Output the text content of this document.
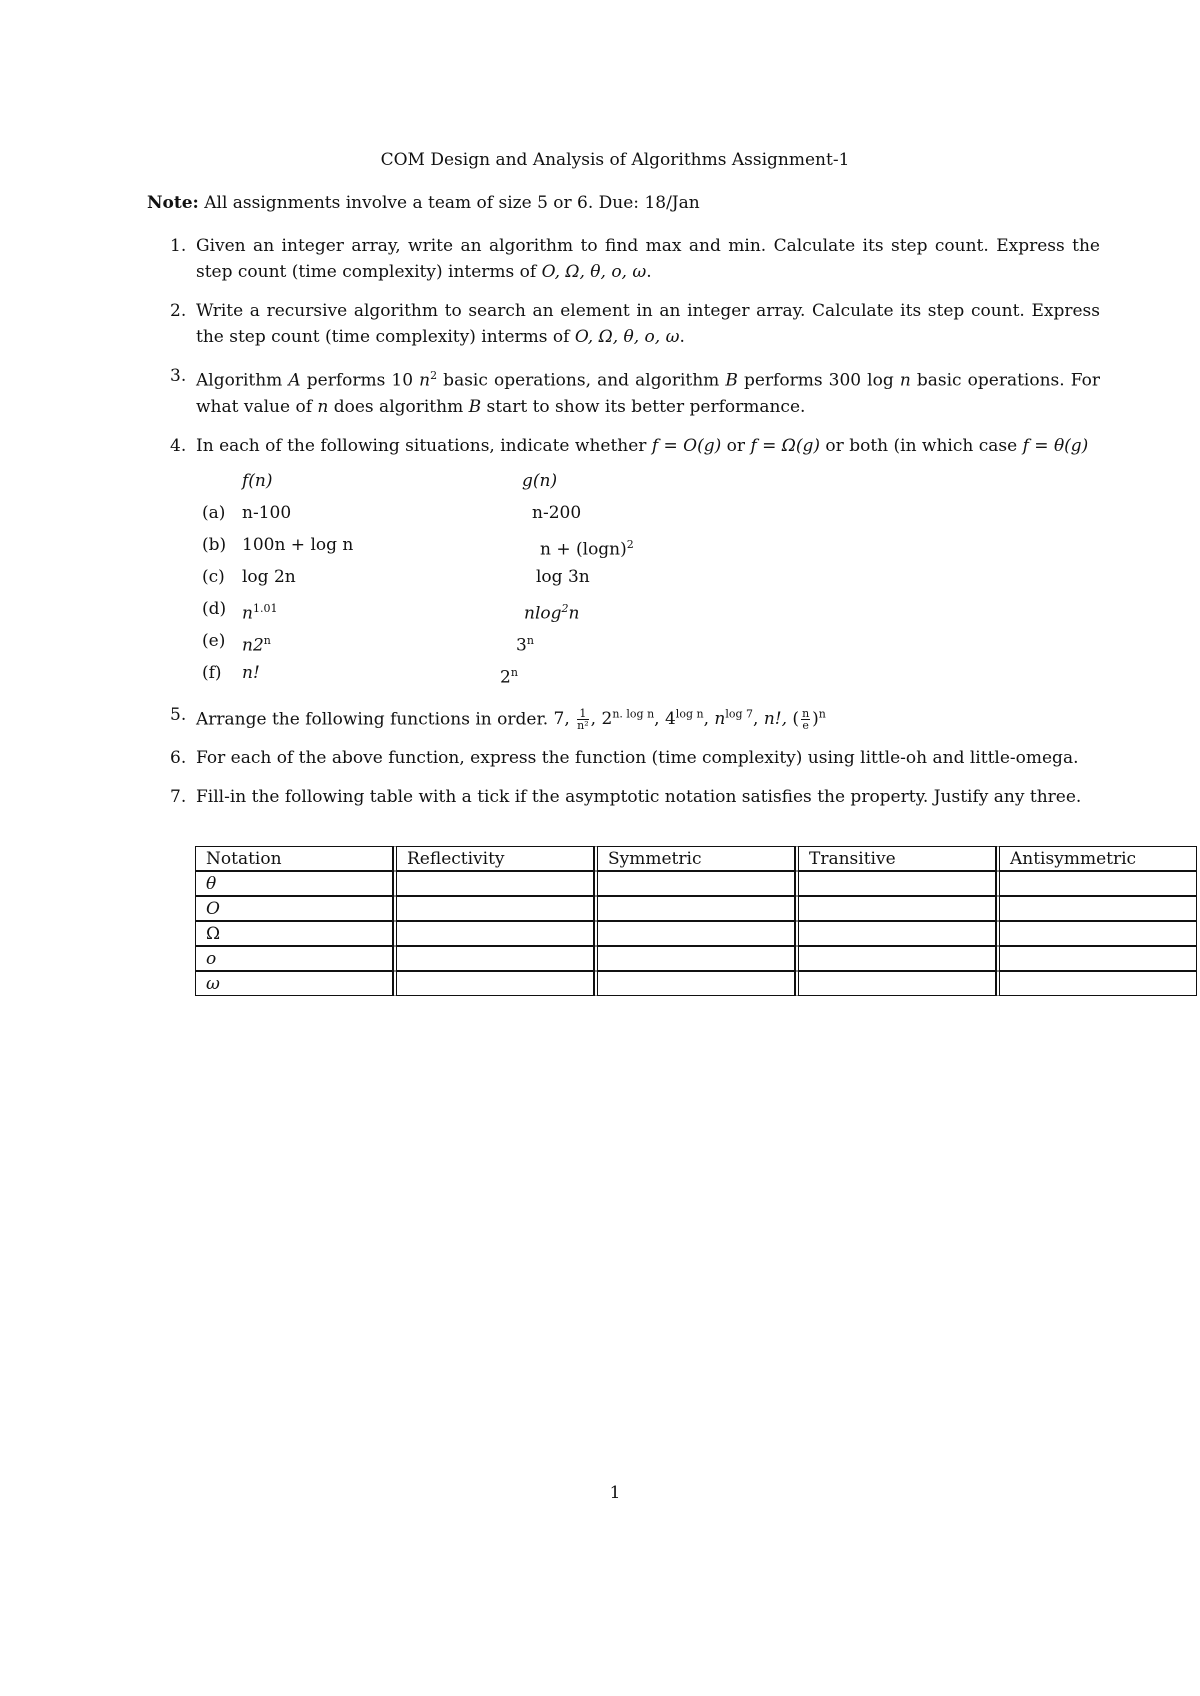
COM Design and Analysis of Algorithms Assignment-1
Note: All assignments involve a team of size 5 or 6. Due: 18/Jan
1. Given an integer array, write an algorithm to find max and min. Calculate its step count. Express the step count (time complexity) interms of O, Ω, θ, o, ω.
2. Write a recursive algorithm to search an element in an integer array. Calculate its step count. Express the step count (time complexity) interms of O, Ω, θ, o, ω.
3. Algorithm A performs 10 $n^2$ basic operations, and algorithm B performs 300 log n basic operations. For what value of n does algorithm B start to show its better performance.
4. In each of the following situations, indicate whether f = O(g) or f = Ω(g) or both (in which case f = θ(g)
f(n)	g(n)
(a) n-100	n-200
(b) 100n + log n	$n + (\log n)^2$
(c) log 2n	log 3n
(d) $n^{1.01}$	nlog$^2$n
(e) n2$^n$	3$^n$
(f) n!	2$^n$
5. Arrange the following functions in order. 7, $\frac{1}{\text{n²}}$ , $2^{n. log n}$, $4^{log n}$, $n^{log 7}$, n!, ( $\frac{n}{e} )^n$
6. For each of the above function, express the function (time complexity) using little-oh and little-omega.
7. Fill-in the following table with a tick if the asymptotic notation satisfies the property. Justify any three.
Notation	Reflectivity	Symmetric	Transitive	Antisymmetric
θ				
O				
Ω				
o				
ω				
1
